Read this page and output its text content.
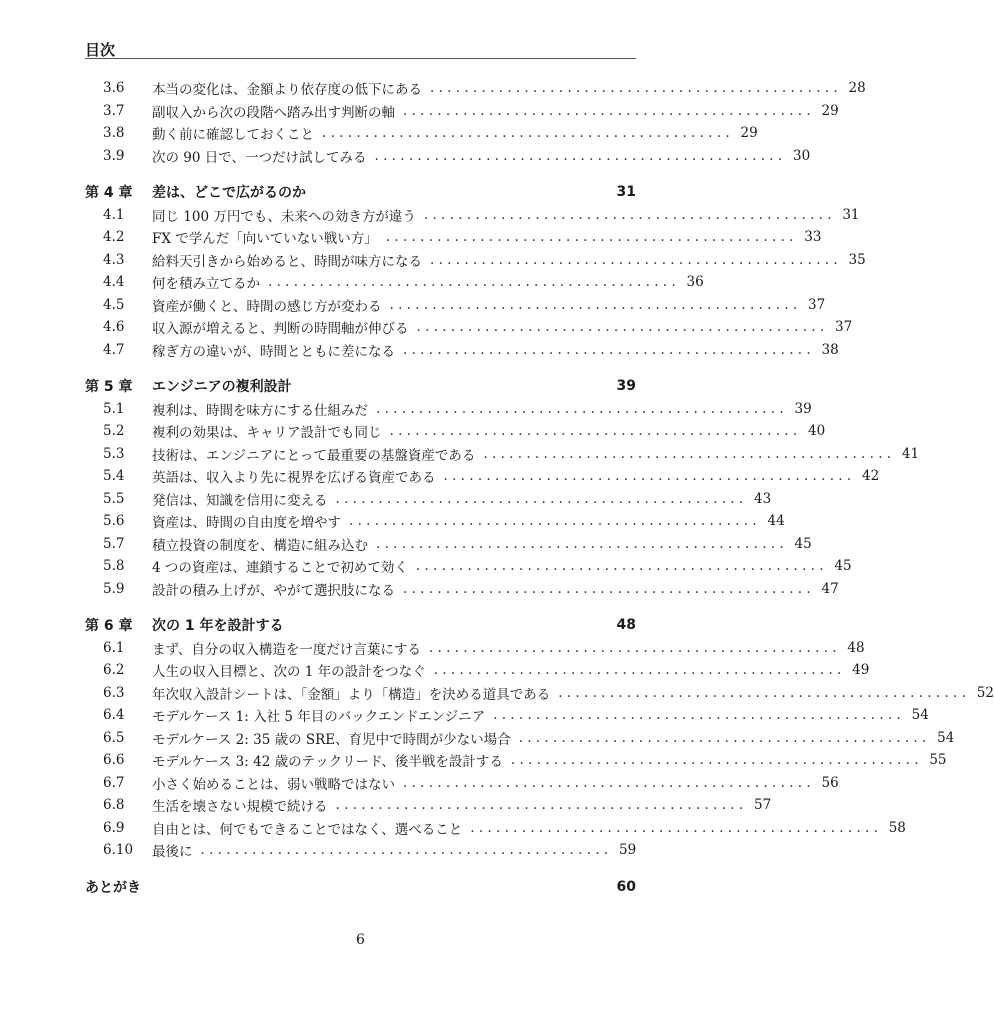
目次
3.6	本当の変化は、金額より依存度の低下にある . . . . . . . . . . . . . . . . . . . . . . . . . . . . . . . . . . . . . . . . . . . . . . . . 28
3.7	副収入から次の段階へ踏み出す判断の軸 . . . . . . . . . . . . . . . . . . . . . . . . . . . . . . . . . . . . . . . . . . . . . . . . 29
3.8	動く前に確認しておくこと . . . . . . . . . . . . . . . . . . . . . . . . . . . . . . . . . . . . . . . . . . . . . . . . 29
3.9	次の 90 日で、一つだけ試してみる . . . . . . . . . . . . . . . . . . . . . . . . . . . . . . . . . . . . . . . . . . . . . . . . 30
第 4 章	差は、どこで広がるのか	31
4.1	同じ 100 万円でも、未来への効き方が違う . . . . . . . . . . . . . . . . . . . . . . . . . . . . . . . . . . . . . . . . . . . . . . . . 31
4.2	FX で学んだ「向いていない戦い方」 . . . . . . . . . . . . . . . . . . . . . . . . . . . . . . . . . . . . . . . . . . . . . . . . 33
4.3	給料天引きから始めると、時間が味方になる . . . . . . . . . . . . . . . . . . . . . . . . . . . . . . . . . . . . . . . . . . . . . . . . 35
4.4	何を積み立てるか . . . . . . . . . . . . . . . . . . . . . . . . . . . . . . . . . . . . . . . . . . . . . . . . 36
4.5	資産が働くと、時間の感じ方が変わる . . . . . . . . . . . . . . . . . . . . . . . . . . . . . . . . . . . . . . . . . . . . . . . . 37
4.6	収入源が増えると、判断の時間軸が伸びる . . . . . . . . . . . . . . . . . . . . . . . . . . . . . . . . . . . . . . . . . . . . . . . . 37
4.7	稼ぎ方の違いが、時間とともに差になる . . . . . . . . . . . . . . . . . . . . . . . . . . . . . . . . . . . . . . . . . . . . . . . . 38
第 5 章	エンジニアの複利設計	39
5.1	複利は、時間を味方にする仕組みだ . . . . . . . . . . . . . . . . . . . . . . . . . . . . . . . . . . . . . . . . . . . . . . . . 39
5.2	複利の効果は、キャリア設計でも同じ . . . . . . . . . . . . . . . . . . . . . . . . . . . . . . . . . . . . . . . . . . . . . . . . 40
5.3	技術は、エンジニアにとって最重要の基盤資産である . . . . . . . . . . . . . . . . . . . . . . . . . . . . . . . . . . . . . . . . . . . . . . . . 41
5.4	英語は、収入より先に視界を広げる資産である . . . . . . . . . . . . . . . . . . . . . . . . . . . . . . . . . . . . . . . . . . . . . . . . 42
5.5	発信は、知識を信用に変える . . . . . . . . . . . . . . . . . . . . . . . . . . . . . . . . . . . . . . . . . . . . . . . . 43
5.6	資産は、時間の自由度を増やす . . . . . . . . . . . . . . . . . . . . . . . . . . . . . . . . . . . . . . . . . . . . . . . . 44
5.7	積立投資の制度を、構造に組み込む . . . . . . . . . . . . . . . . . . . . . . . . . . . . . . . . . . . . . . . . . . . . . . . . 45
5.8	4 つの資産は、連鎖することで初めて効く . . . . . . . . . . . . . . . . . . . . . . . . . . . . . . . . . . . . . . . . . . . . . . . . 45
5.9	設計の積み上げが、やがて選択肢になる . . . . . . . . . . . . . . . . . . . . . . . . . . . . . . . . . . . . . . . . . . . . . . . . 47
第 6 章	次の 1 年を設計する	48
6.1	まず、自分の収入構造を一度だけ言葉にする . . . . . . . . . . . . . . . . . . . . . . . . . . . . . . . . . . . . . . . . . . . . . . . . 48
6.2	人生の収入目標と、次の 1 年の設計をつなぐ . . . . . . . . . . . . . . . . . . . . . . . . . . . . . . . . . . . . . . . . . . . . . . . . 49
6.3	年次収入設計シートは、「金額」より「構造」を決める道具である . . . . . . . . . . . . . . . . . . . . . . . . . . . . . . . . . . . . . . . . . . . . . . . . 52
6.4	モデルケース 1: 入社 5 年目のバックエンドエンジニア . . . . . . . . . . . . . . . . . . . . . . . . . . . . . . . . . . . . . . . . . . . . . . . . 54
6.5	モデルケース 2: 35 歳の SRE、育児中で時間が少ない場合 . . . . . . . . . . . . . . . . . . . . . . . . . . . . . . . . . . . . . . . . . . . . . . . . 54
6.6	モデルケース 3: 42 歳のテックリード、後半戦を設計する . . . . . . . . . . . . . . . . . . . . . . . . . . . . . . . . . . . . . . . . . . . . . . . . 55
6.7	小さく始めることは、弱い戦略ではない . . . . . . . . . . . . . . . . . . . . . . . . . . . . . . . . . . . . . . . . . . . . . . . . 56
6.8	生活を壊さない規模で続ける . . . . . . . . . . . . . . . . . . . . . . . . . . . . . . . . . . . . . . . . . . . . . . . . 57
6.9	自由とは、何でもできることではなく、選べること . . . . . . . . . . . . . . . . . . . . . . . . . . . . . . . . . . . . . . . . . . . . . . . . 58
6.10	最後に . . . . . . . . . . . . . . . . . . . . . . . . . . . . . . . . . . . . . . . . . . . . . . . . 59
あとがき	60
6
